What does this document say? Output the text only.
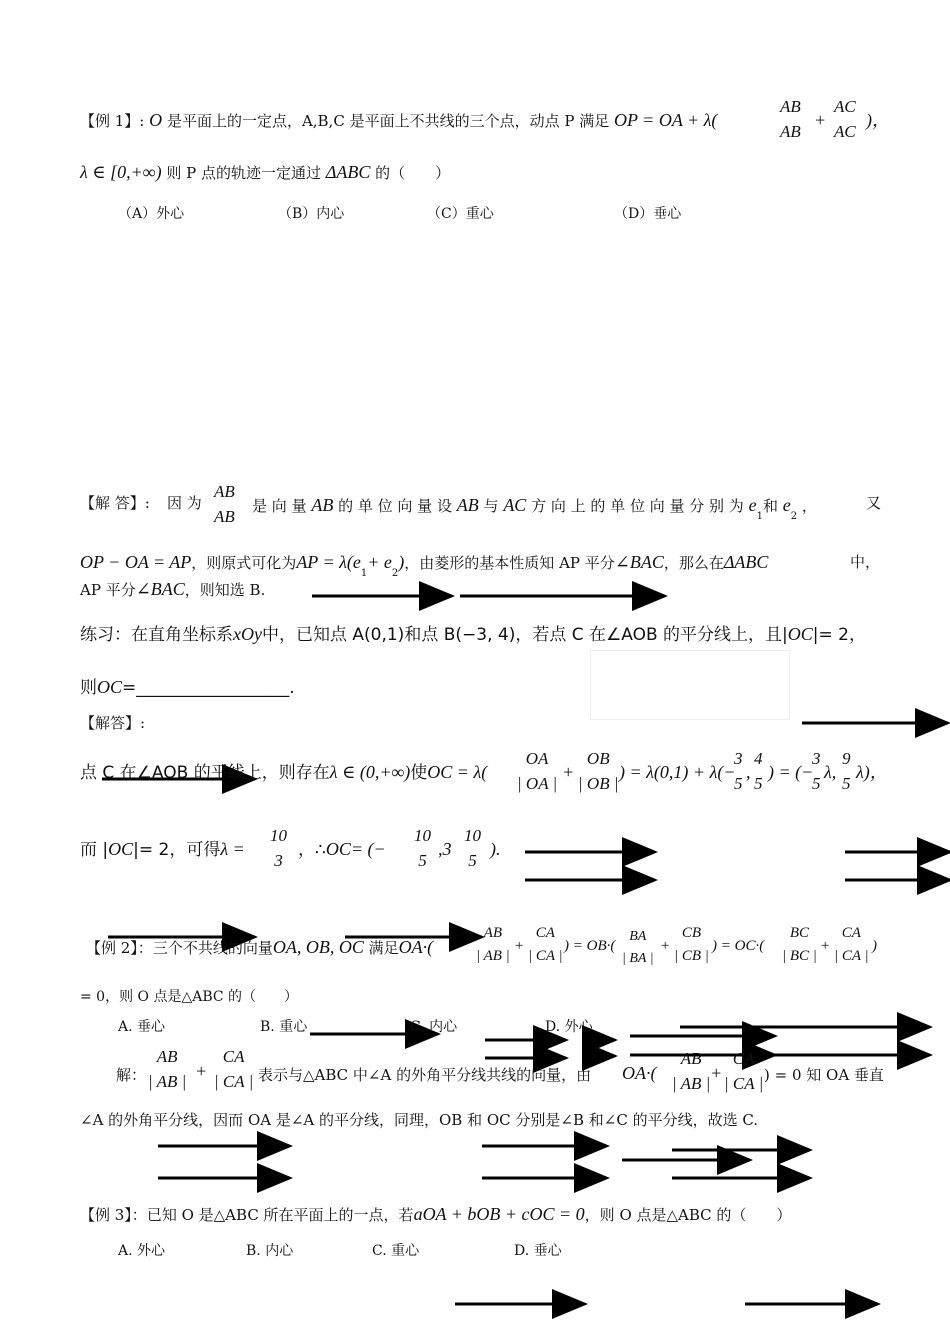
【例 1】: O 是平面上的一定点，A,B,C 是平面上不共线的三个点，动点 P 满足 OP = OA + λ(
AB
AB
+
AC
AC
)，
λ ∈ [0,+∞) 则 P 点的轨迹一定通过 ΔABC 的（　　）
（A）外心	（B）内心	（C）重心	（D）垂心
【解 答】: 因 为
AB
AB
是 向 量 AB 的 单 位 向 量 设 AB 与 AC 方 向 上 的 单 位 向 量 分 别 为 $e_1$和 $e_2$ ，	又
OP − OA = AP，则原式可化为AP = $\lambda(e_1+ e_2)$，由菱形的基本性质知 AP 平分∠BAC，那么在ΔABC	中，
AP 平分∠BAC，则知选 B.
练习：在直角坐标系xOy中，已知点 A(0,1)和点 B(−3, 4)，若点 C 在∠AOB 的平分线上，且|OC|= 2，
则OC=__________________.
【解答】:
点 C 在∠AOB 的平线上，则存在λ ∈ (0,+∞)使OC = λ(
OA
| OA |
+
OB
| OB |
) = λ(0,1) + λ(−
3
5
,
4
5
) = (−
3
5
λ,
9
5
λ)，
而 |OC|= 2，可得λ =
10
3
，∴OC= (−
10
5
,3
10
5
).
【例 2】：三个不共线的向量OA, OB, OC 满足OA·(
AB
| AB |
+
CA
| CA |
) = OB·(
BA
| BA |
+
CB
| CB |
) = OC·(
BC
| BC |
+
CA
| CA |
)
= 0，则 O 点是△ABC 的（　　）
A. 垂心	B. 重心	C. 内心	D. 外心
解：
AB
| AB |
+
CA
| CA | 表示与△ABC 中∠A 的外角平分线共线的向量，由 OA·(
AB
| AB |
+
CA
| CA | ) = 0 知 OA 垂直
∠A 的外角平分线，因而 OA 是∠A 的平分线，同理，OB 和 OC 分别是∠B 和∠C 的平分线，故选 C.
【例 3】：已知 O 是△ABC 所在平面上的一点，若aOA + bOB + cOC = 0，则 O 点是△ABC 的（　　）
A. 外心	B. 内心	C. 重心	D. 垂心
